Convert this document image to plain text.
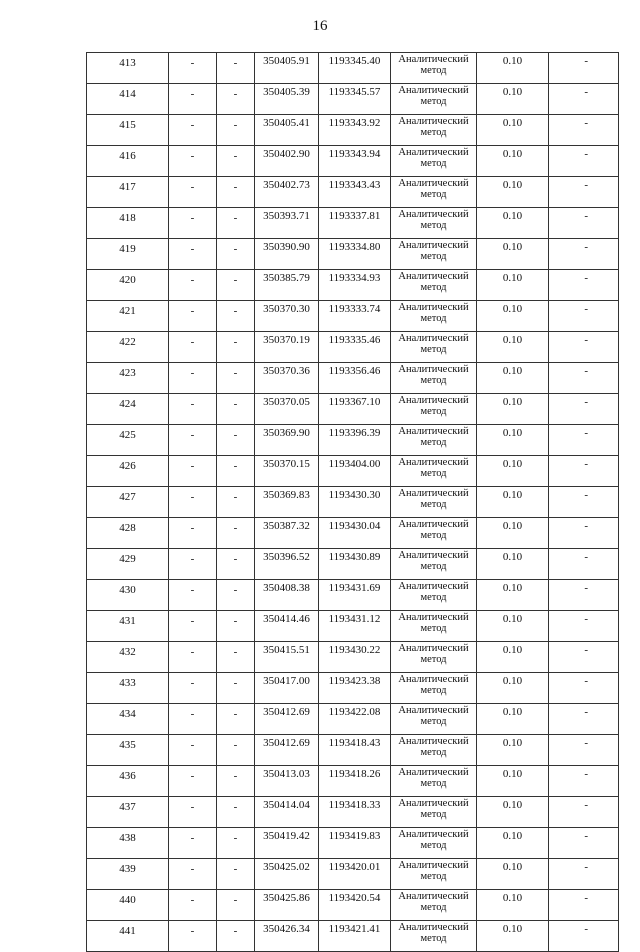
16
413	-	-	350405.91	1193345.40	Аналитический метод	0.10	-
414	-	-	350405.39	1193345.57	Аналитический метод	0.10	-
415	-	-	350405.41	1193343.92	Аналитический метод	0.10	-
416	-	-	350402.90	1193343.94	Аналитический метод	0.10	-
417	-	-	350402.73	1193343.43	Аналитический метод	0.10	-
418	-	-	350393.71	1193337.81	Аналитический метод	0.10	-
419	-	-	350390.90	1193334.80	Аналитический метод	0.10	-
420	-	-	350385.79	1193334.93	Аналитический метод	0.10	-
421	-	-	350370.30	1193333.74	Аналитический метод	0.10	-
422	-	-	350370.19	1193335.46	Аналитический метод	0.10	-
423	-	-	350370.36	1193356.46	Аналитический метод	0.10	-
424	-	-	350370.05	1193367.10	Аналитический метод	0.10	-
425	-	-	350369.90	1193396.39	Аналитический метод	0.10	-
426	-	-	350370.15	1193404.00	Аналитический метод	0.10	-
427	-	-	350369.83	1193430.30	Аналитический метод	0.10	-
428	-	-	350387.32	1193430.04	Аналитический метод	0.10	-
429	-	-	350396.52	1193430.89	Аналитический метод	0.10	-
430	-	-	350408.38	1193431.69	Аналитический метод	0.10	-
431	-	-	350414.46	1193431.12	Аналитический метод	0.10	-
432	-	-	350415.51	1193430.22	Аналитический метод	0.10	-
433	-	-	350417.00	1193423.38	Аналитический метод	0.10	-
434	-	-	350412.69	1193422.08	Аналитический метод	0.10	-
435	-	-	350412.69	1193418.43	Аналитический метод	0.10	-
436	-	-	350413.03	1193418.26	Аналитический метод	0.10	-
437	-	-	350414.04	1193418.33	Аналитический метод	0.10	-
438	-	-	350419.42	1193419.83	Аналитический метод	0.10	-
439	-	-	350425.02	1193420.01	Аналитический метод	0.10	-
440	-	-	350425.86	1193420.54	Аналитический метод	0.10	-
441	-	-	350426.34	1193421.41	Аналитический метод	0.10	-
